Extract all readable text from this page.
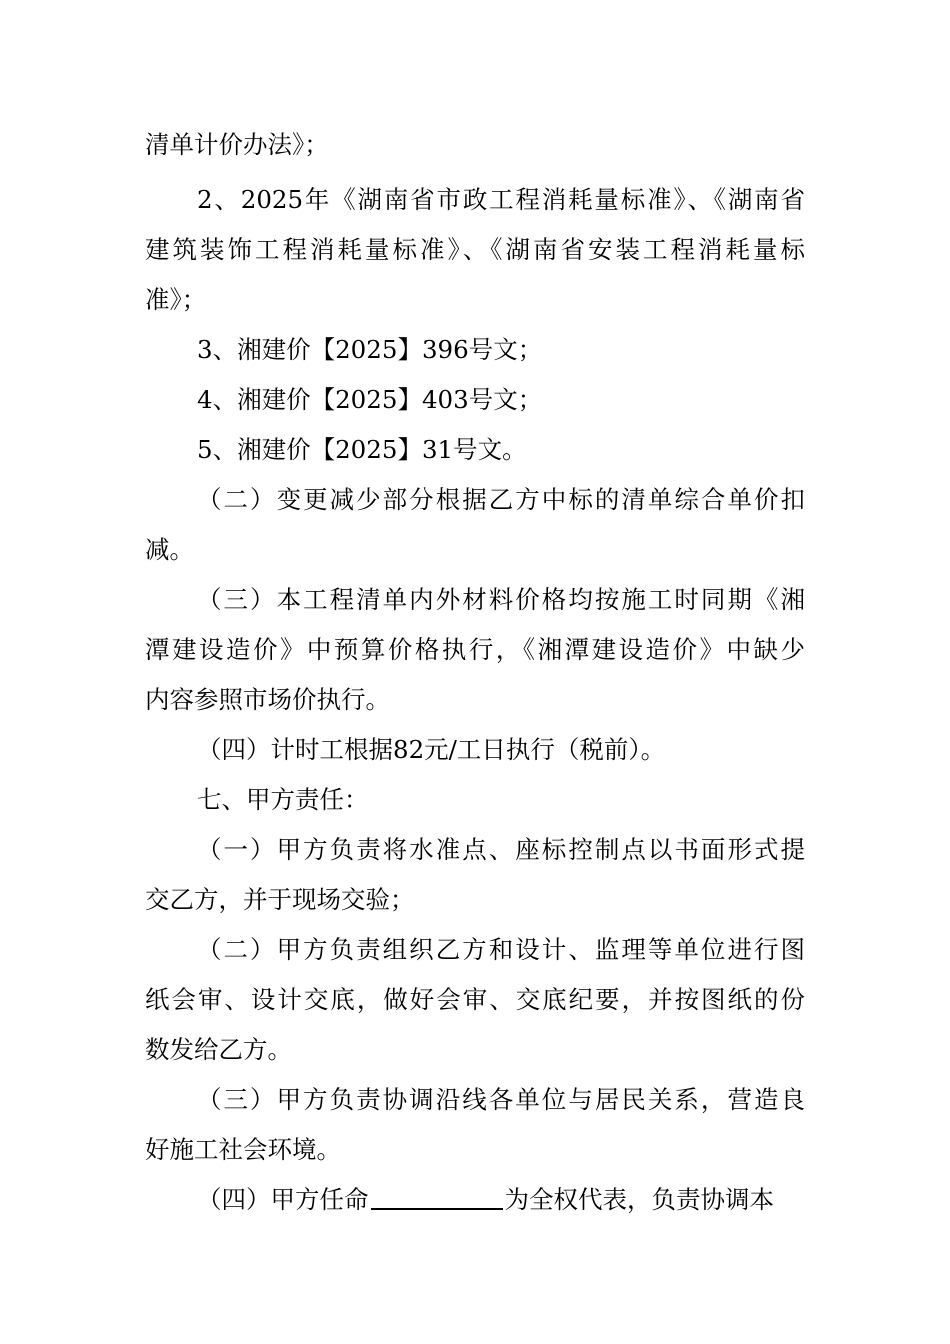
清单计价办法》；
2、2025年《湖南省市政工程消耗量标准》、《湖南省
建筑装饰工程消耗量标准》、《湖南省安装工程消耗量标
准》；
3、湘建价【2025】396号文；
4、湘建价【2025】403号文；
5、湘建价【2025】31号文。
（二）变更减少部分根据乙方中标的清单综合单价扣
减。
（三）本工程清单内外材料价格均按施工时同期《湘
潭建设造价》中预算价格执行，《湘潭建设造价》中缺少
内容参照市场价执行。
（四）计时工根据82元/工日执行（税前）。
七、甲方责任：
（一）甲方负责将水准点、座标控制点以书面形式提
交乙方，并于现场交验；
（二）甲方负责组织乙方和设计、监理等单位进行图
纸会审、设计交底，做好会审、交底纪要，并按图纸的份
数发给乙方。
（三）甲方负责协调沿线各单位与居民关系，营造良
好施工社会环境。
（四）甲方任命	为全权代表，负责协调本
